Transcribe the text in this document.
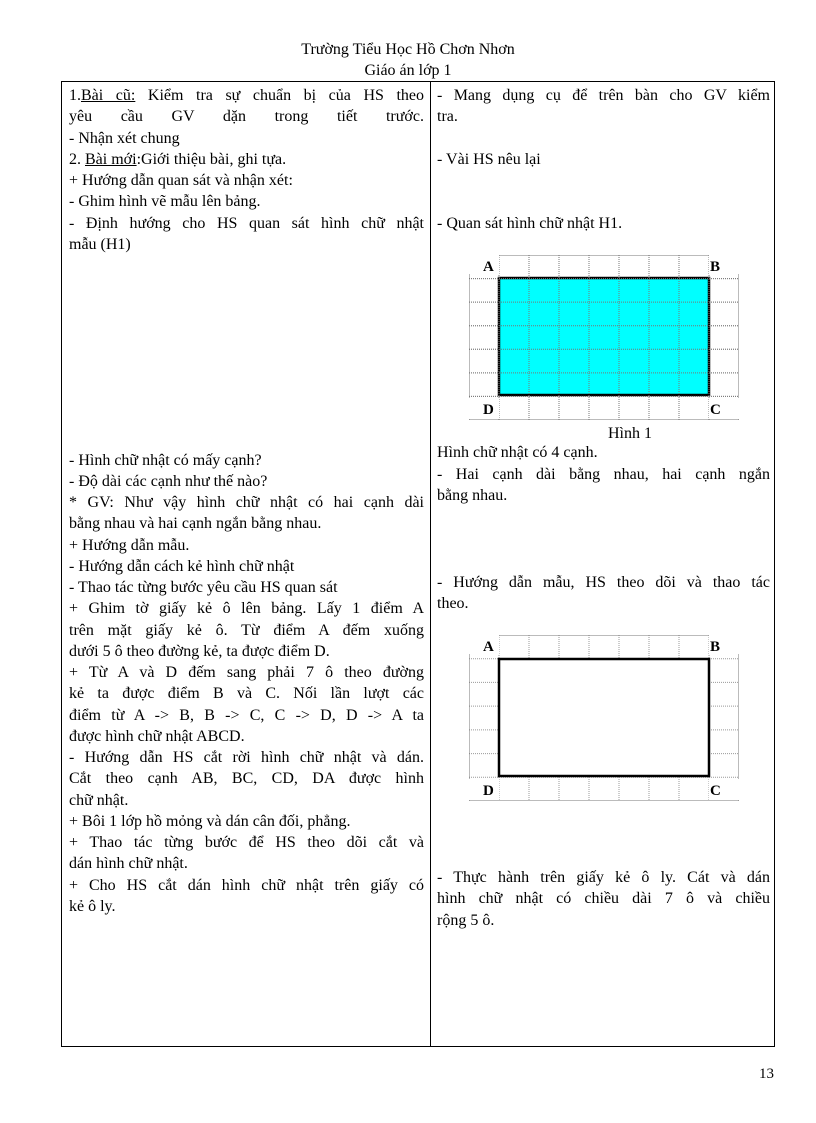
Trường Tiểu Học Hồ Chơn Nhơn
Giáo án lớp 1
1.Bài cũ: Kiểm tra sự chuẩn bị của HS theo
yêu cầu GV dặn trong tiết trước.
- Nhận xét chung
2. Bài mới:Giới thiệu bài, ghi tựa.
+ Hướng dẫn quan sát và nhận xét:
- Ghim hình vẽ mẫu lên bảng.
- Định hướng cho HS quan sát hình chữ nhật
mẫu (H1)
- Hình chữ nhật có mấy cạnh?
- Độ dài các cạnh như thế nào?
* GV: Như vậy hình chữ nhật có hai cạnh dài
bằng nhau và hai cạnh ngắn bằng nhau.
+ Hướng dẫn mẫu.
- Hướng dẫn cách kẻ hình chữ nhật
- Thao tác từng bước yêu cầu HS quan sát
+ Ghim tờ giấy kẻ ô lên bảng. Lấy 1 điểm A
trên mặt giấy kẻ ô. Từ điểm A đếm xuống
dưới 5 ô theo đường kẻ, ta được điểm D.
+ Từ A và D đếm sang phải 7 ô theo đường
kẻ ta được điểm B và C. Nối lần lượt các
điểm từ A -> B, B -> C, C -> D, D -> A ta
được hình chữ nhật ABCD.
- Hướng dẫn HS cắt rời hình chữ nhật và dán.
Cắt theo cạnh AB, BC, CD, DA được hình
chữ nhật.
+ Bôi 1 lớp hồ mỏng và dán cân đối, phẳng.
+ Thao tác từng bước để HS theo dõi cắt và
dán hình chữ nhật.
+ Cho HS cắt dán hình chữ nhật trên giấy có
kẻ ô ly.
- Mang dụng cụ để trên bàn cho GV kiểm
tra.
- Vài HS nêu lại
- Quan sát hình chữ nhật H1.
Hình chữ nhật có 4 cạnh.
- Hai cạnh dài bằng nhau, hai cạnh ngắn
bằng nhau.
- Hướng dẫn mẫu, HS theo dõi và thao tác
theo.
- Thực hành trên giấy kẻ ô ly. Cát và dán
hình chữ nhật có chiều dài 7 ô và chiều
rộng 5 ô.
A	B
C
D
Hình 1
A	B
C
D
13
